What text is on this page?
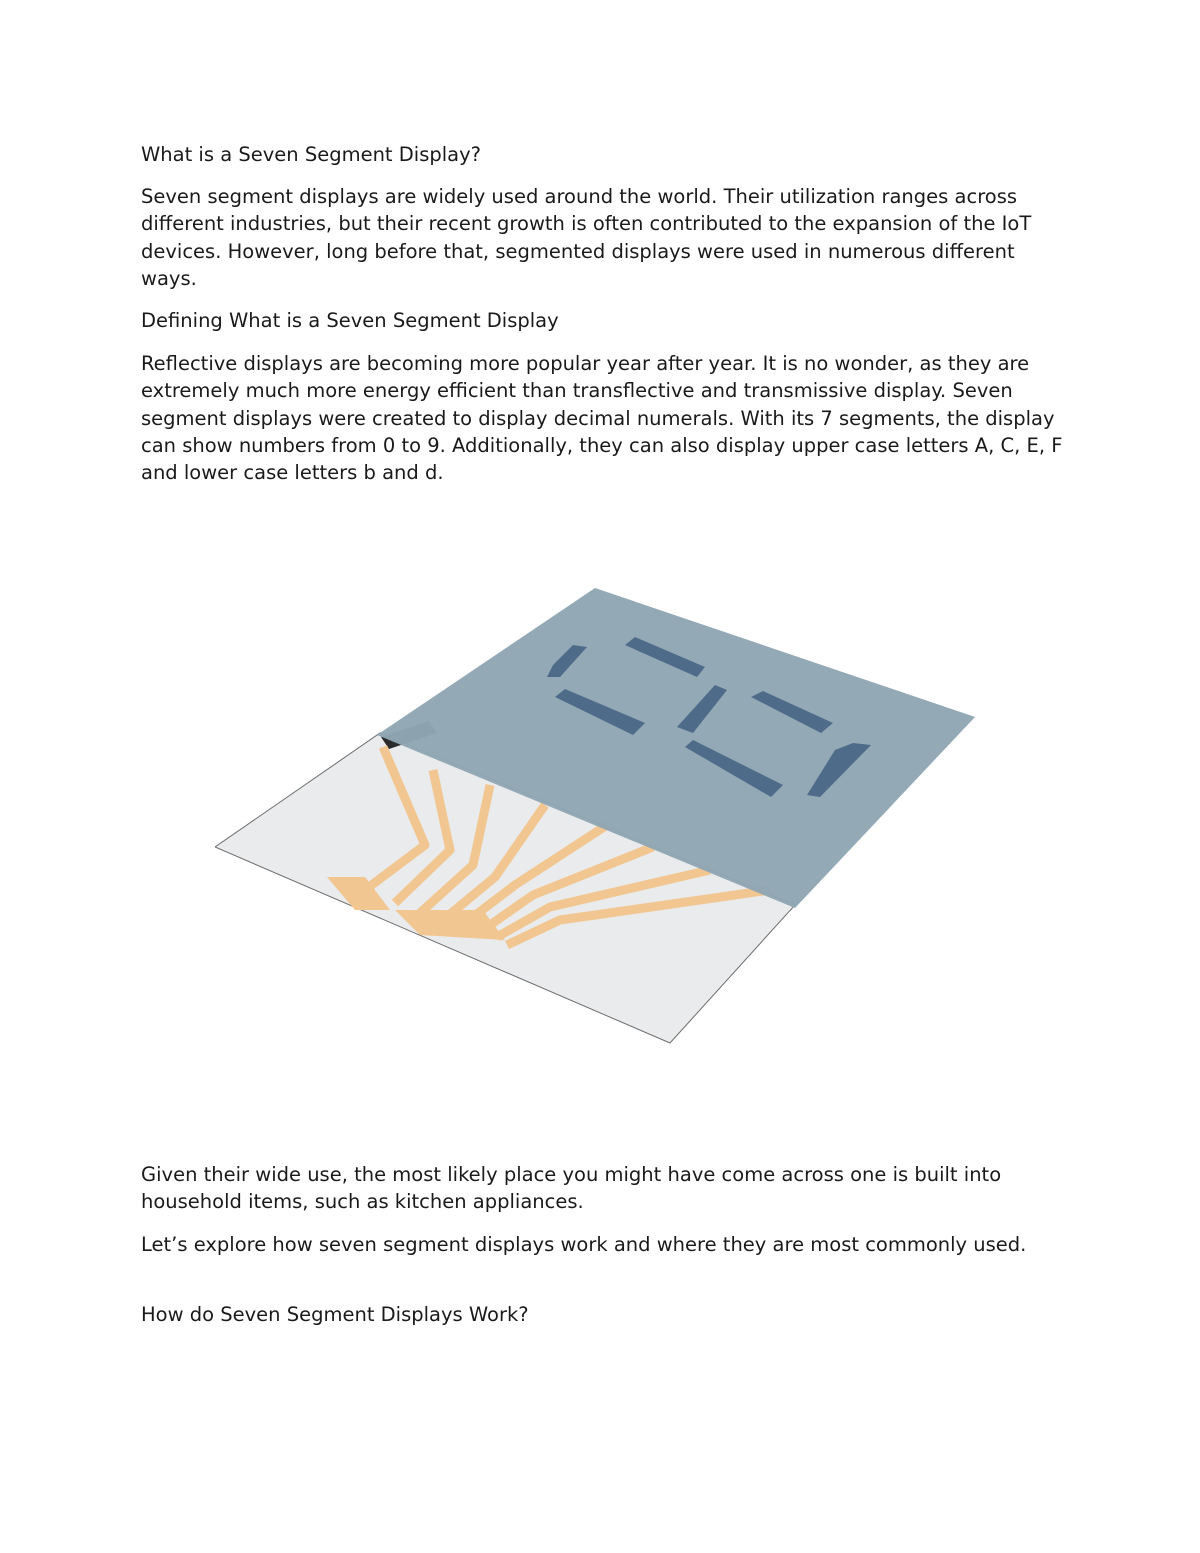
What is a Seven Segment Display?

Seven segment displays are widely used around the world. Their utilization ranges across different industries, but their recent growth is often contributed to the expansion of the IoT devices. However, long before that, segmented displays were used in numerous different ways.

Defining What is a Seven Segment Display

Reflective displays are becoming more popular year after year. It is no wonder, as they are extremely much more energy efficient than transflective and transmissive display. Seven segment displays were created to display decimal numerals. With its 7 segments, the display can show numbers from 0 to 9. Additionally, they can also display upper case letters A, C, E, F and lower case letters b and d.

Given their wide use, the most likely place you might have come across one is built into household items, such as kitchen appliances.

Let’s explore how seven segment displays work and where they are most commonly used.

How do Seven Segment Displays Work?
